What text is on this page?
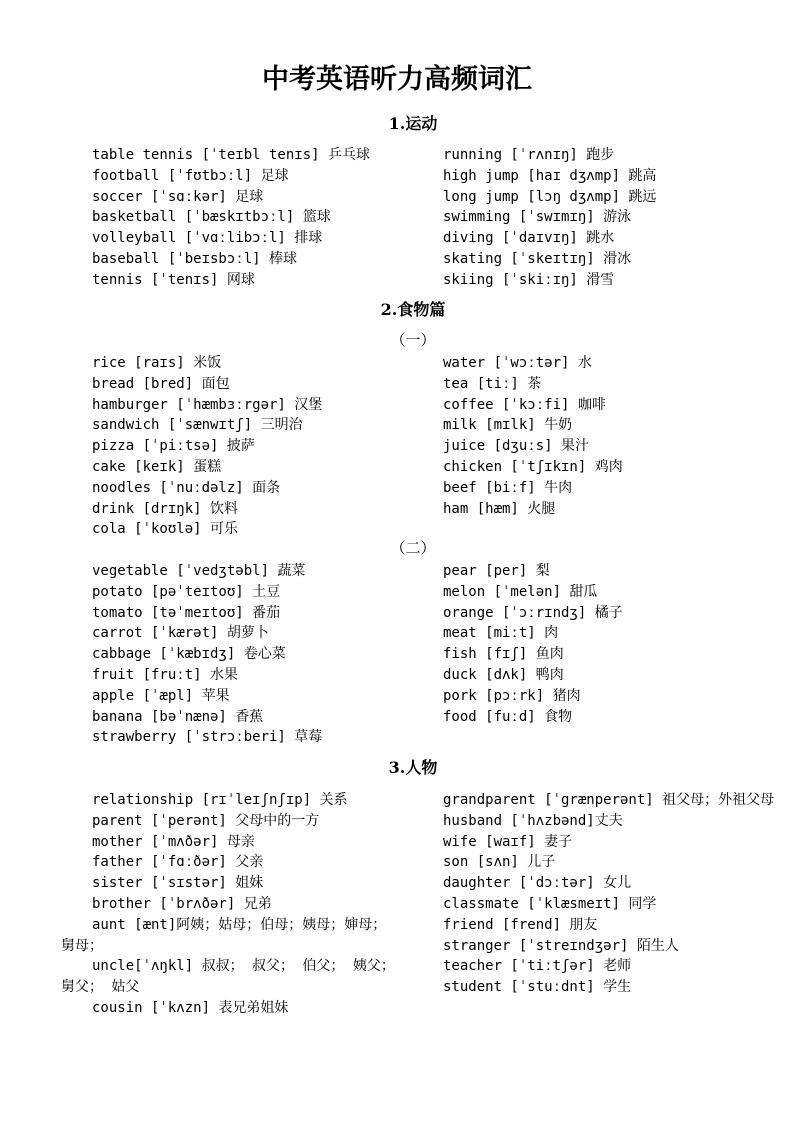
中考英语听力高频词汇
1.运动
table tennis [ˈteɪbl tenɪs] 乒乓球
football [ˈfʊtbɔːl] 足球
soccer [ˈsɑːkər] 足球
basketball [ˈbæskɪtbɔːl] 篮球
volleyball [ˈvɑːlibɔːl] 排球
baseball [ˈbeɪsbɔːl] 棒球
tennis [ˈtenɪs] 网球
running [ˈrʌnɪŋ] 跑步
high jump [haɪ dʒʌmp] 跳高
long jump [lɔŋ dʒʌmp] 跳远
swimming [ˈswɪmɪŋ] 游泳
diving [ˈdaɪvɪŋ] 跳水
skating [ˈskeɪtɪŋ] 滑冰
skiing [ˈskiːɪŋ] 滑雪
2.食物篇
（一）
rice [raɪs] 米饭
bread [bred] 面包
hamburger [ˈhæmbɜːrgər] 汉堡
sandwich [ˈsænwɪtʃ] 三明治
pizza [ˈpiːtsə] 披萨
cake [keɪk] 蛋糕
noodles [ˈnuːdəlz] 面条
drink [drɪŋk] 饮料
cola [ˈkoʊlə] 可乐
water [ˈwɔːtər] 水
tea [tiː] 茶
coffee [ˈkɔːfi] 咖啡
milk [mɪlk] 牛奶
juice [dʒuːs] 果汁
chicken [ˈtʃɪkɪn] 鸡肉
beef [biːf] 牛肉
ham [hæm] 火腿
（二）
vegetable [ˈvedʒtəbl] 蔬菜
potato [pəˈteɪtoʊ] 土豆
tomato [təˈmeɪtoʊ] 番茄
carrot [ˈkærət] 胡萝卜
cabbage [ˈkæbɪdʒ] 卷心菜
fruit [fruːt] 水果
apple [ˈæpl] 苹果
banana [bəˈnænə] 香蕉
strawberry [ˈstrɔːberi] 草莓
pear [per] 梨
melon [ˈmelən] 甜瓜
orange [ˈɔːrɪndʒ] 橘子
meat [miːt] 肉
fish [fɪʃ] 鱼肉
duck [dʌk] 鸭肉
pork [pɔːrk] 猪肉
food [fuːd] 食物
3.人物
relationship [rɪˈleɪʃnʃɪp] 关系
parent [ˈperənt] 父母中的一方
mother [ˈmʌðər] 母亲
father [ˈfɑːðər] 父亲
sister [ˈsɪstər] 姐妹
brother [ˈbrʌðər] 兄弟
aunt [ænt]阿姨；姑母；伯母；姨母；婶母；
舅母；
uncle[ˈʌŋkl] 叔叔； 叔父； 伯父； 姨父；
舅父； 姑父
cousin [ˈkʌzn] 表兄弟姐妹
grandparent [ˈgrænperənt] 祖父母；外祖父母
husband [ˈhʌzbənd]丈夫
wife [waɪf] 妻子
son [sʌn] 儿子
daughter [ˈdɔːtər] 女儿
classmate [ˈklæsmeɪt] 同学
friend [frend] 朋友
stranger [ˈstreɪndʒər] 陌生人
teacher [ˈtiːtʃər] 老师
student [ˈstuːdnt] 学生
